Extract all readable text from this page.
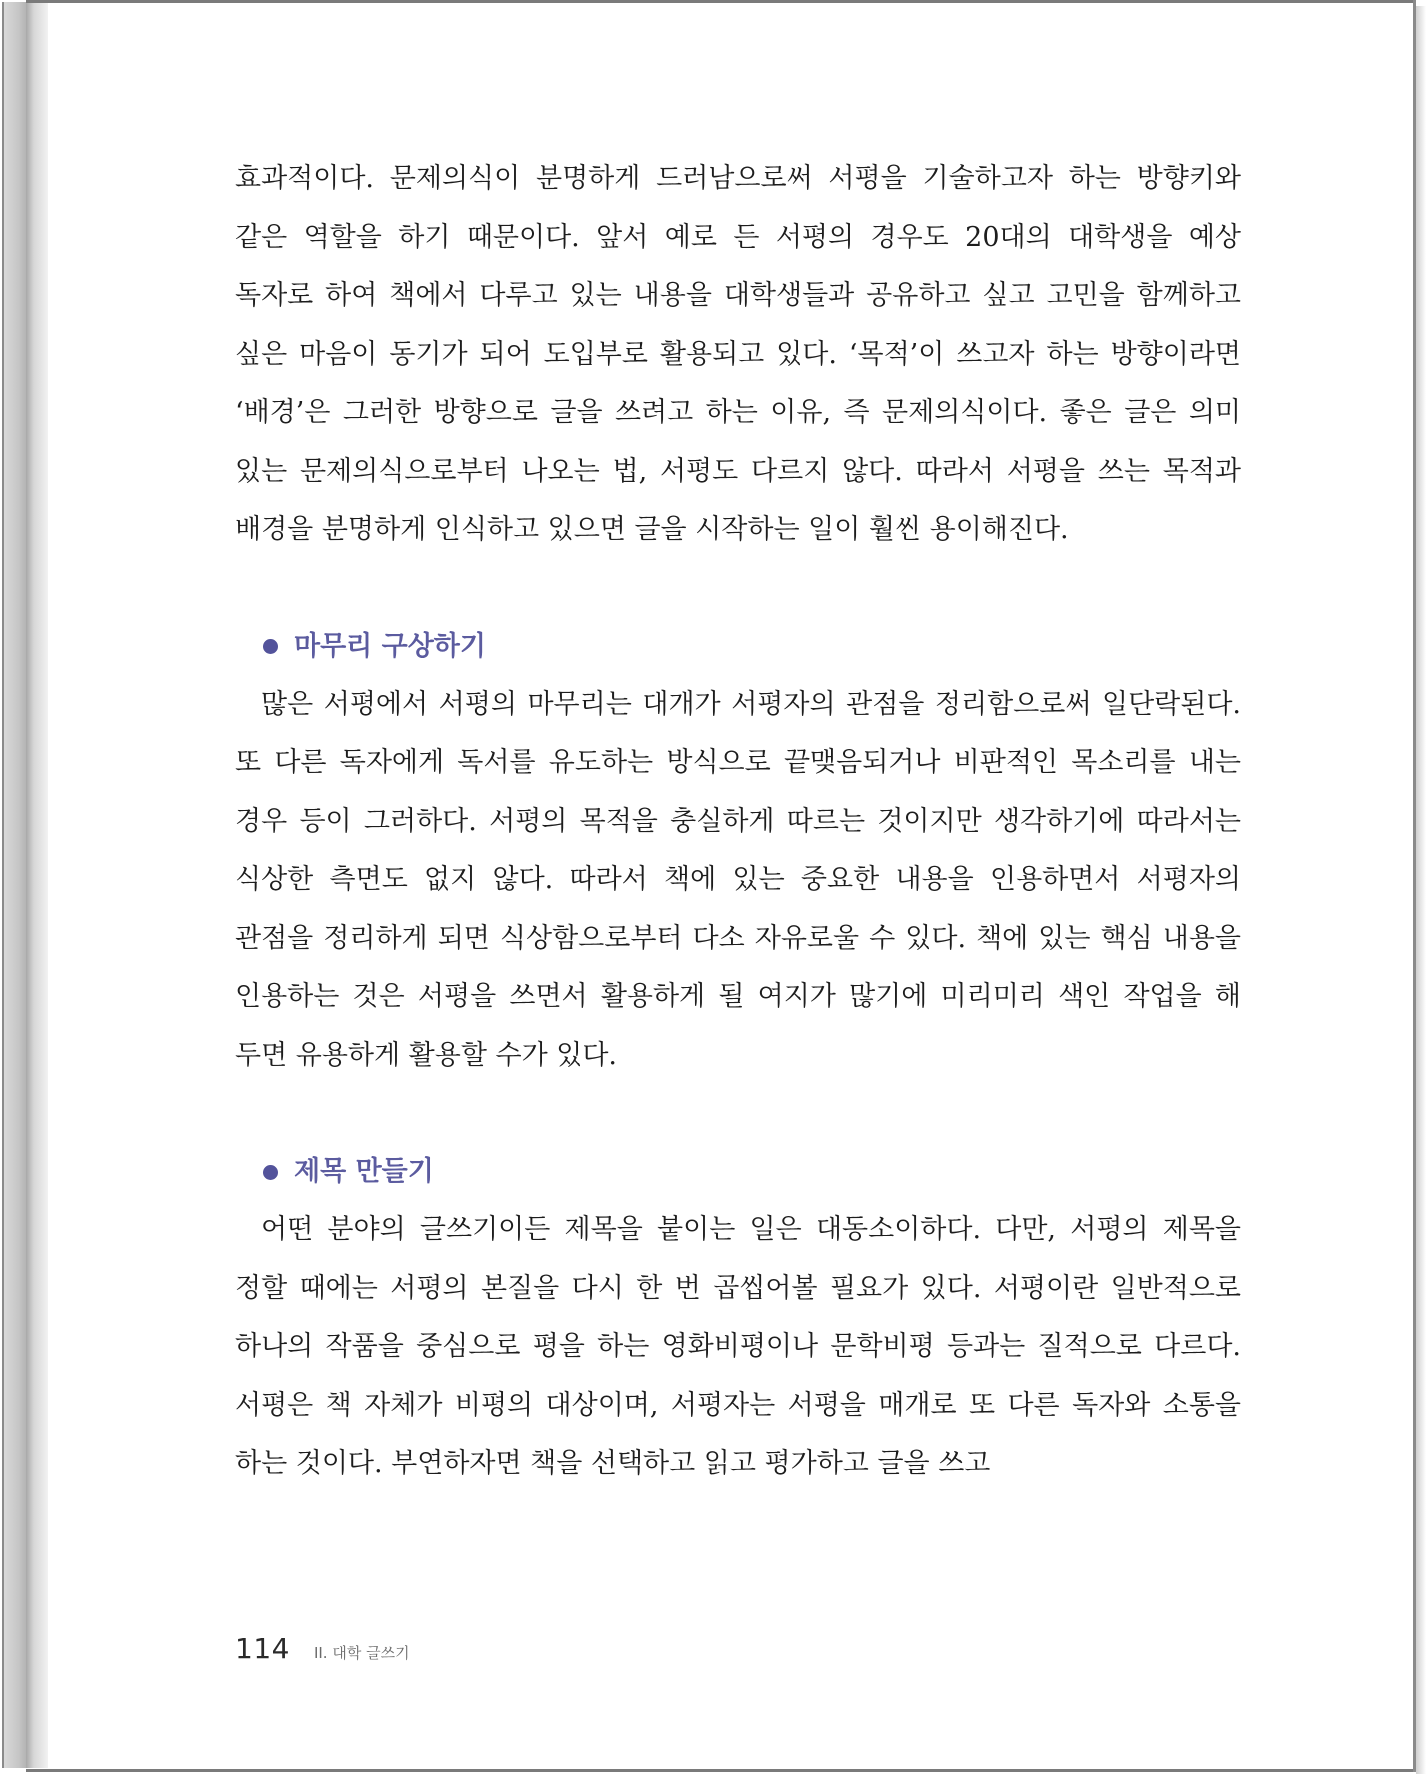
효과적이다. 문제의식이 분명하게 드러남으로써 서평을 기술하고자 하는 방향키와 같은 역할을 하기 때문이다. 앞서 예로 든 서평의 경우도 20대의 대학생을 예상 독자로 하여 책에서 다루고 있는 내용을 대학생들과 공유하고 싶고 고민을 함께하고 싶은 마음이 동기가 되어 도입부로 활용되고 있다. ‘목적’이 쓰고자 하는 방향이라면 ‘배경’은 그러한 방향으로 글을 쓰려고 하는 이유, 즉 문제의식이다. 좋은 글은 의미 있는 문제의식으로부터 나오는 법, 서평도 다르지 않다. 따라서 서평을 쓰는 목적과 배경을 분명하게 인식하고 있으면 글을 시작하는 일이 훨씬 용이해진다.

마무리 구상하기

많은 서평에서 서평의 마무리는 대개가 서평자의 관점을 정리함으로써 일단락된다. 또 다른 독자에게 독서를 유도하는 방식으로 끝맺음되거나 비판적인 목소리를 내는 경우 등이 그러하다. 서평의 목적을 충실하게 따르는 것이지만 생각하기에 따라서는 식상한 측면도 없지 않다. 따라서 책에 있는 중요한 내용을 인용하면서 서평자의 관점을 정리하게 되면 식상함으로부터 다소 자유로울 수 있다. 책에 있는 핵심 내용을 인용하는 것은 서평을 쓰면서 활용하게 될 여지가 많기에 미리미리 색인 작업을 해 두면 유용하게 활용할 수가 있다.

제목 만들기

어떤 분야의 글쓰기이든 제목을 붙이는 일은 대동소이하다. 다만, 서평의 제목을 정할 때에는 서평의 본질을 다시 한 번 곱씹어볼 필요가 있다. 서평이란 일반적으로 하나의 작품을 중심으로 평을 하는 영화비평이나 문학비평 등과는 질적으로 다르다. 서평은 책 자체가 비평의 대상이며, 서평자는 서평을 매개로 또 다른 독자와 소통을 하는 것이다. 부연하자면 책을 선택하고 읽고 평가하고 글을 쓰고

114 II. 대학 글쓰기
